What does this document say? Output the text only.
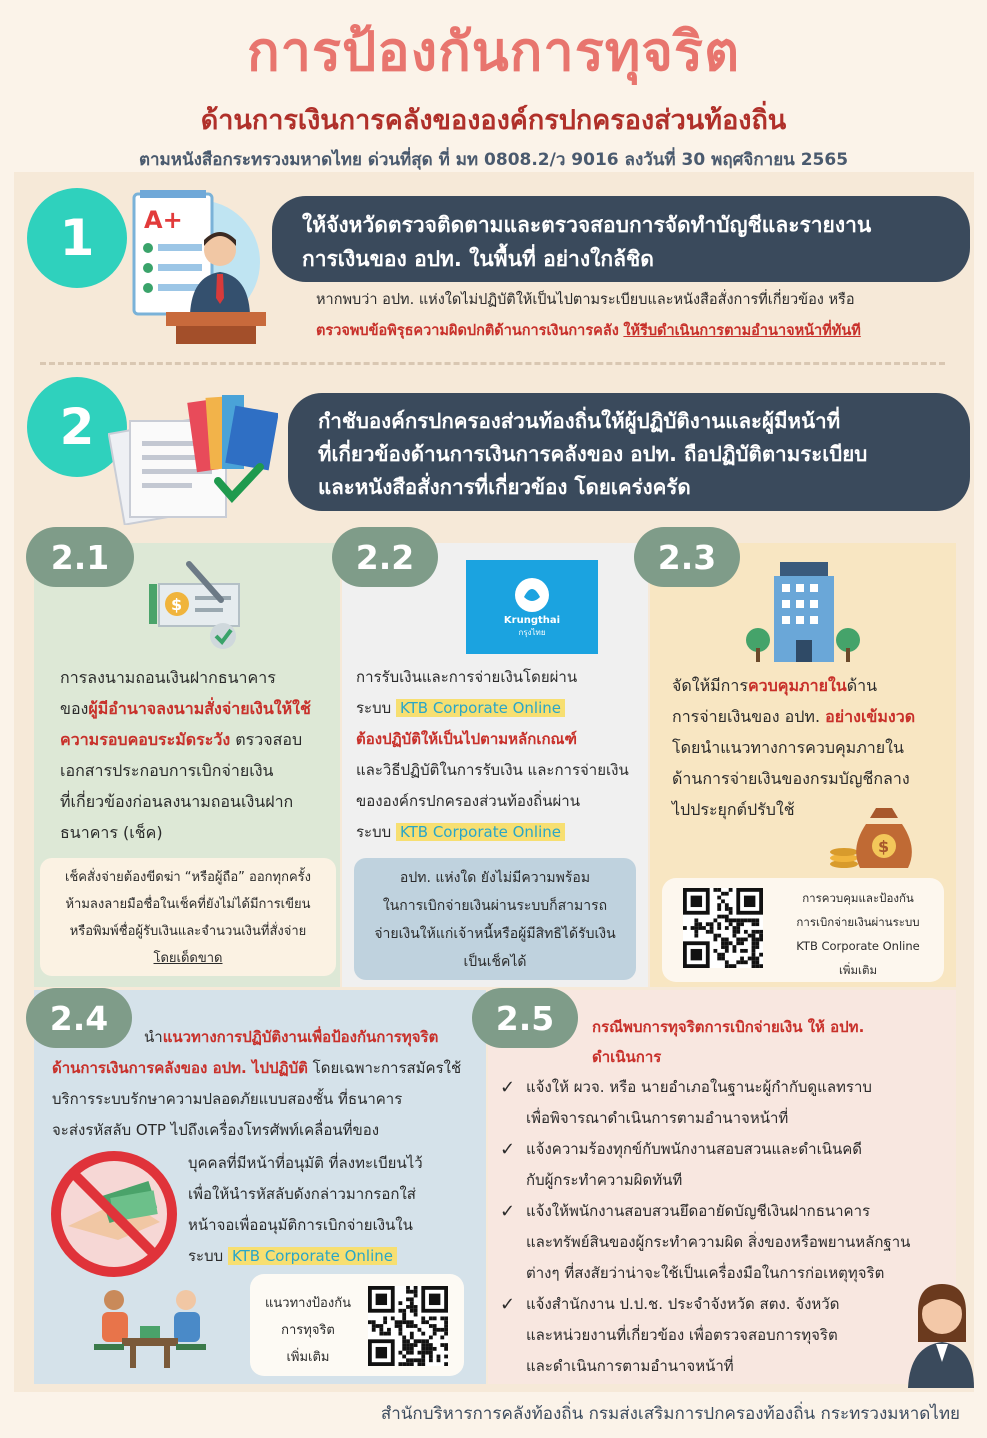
การป้องกันการทุจริต
ด้านการเงินการคลังขององค์กรปกครองส่วนท้องถิ่น
ตามหนังสือกระทรวงมหาดไทย ด่วนที่สุด ที่ มท 0808.2/ว 9016 ลงวันที่ 30 พฤศจิกายน 2565
1	A+	ให้จังหวัดตรวจติดตามและตรวจสอบการจัดทำบัญชีและรายงาน
การเงินของ อปท. ในพื้นที่ อย่างใกล้ชิด
หากพบว่า อปท. แห่งใดไม่ปฏิบัติให้เป็นไปตามระเบียบและหนังสือสั่งการที่เกี่ยวข้อง หรือ
ตรวจพบข้อพิรุธความผิดปกติด้านการเงินการคลัง ให้รีบดำเนินการตามอำนาจหน้าที่ทันที
2	กำชับองค์กรปกครองส่วนท้องถิ่นให้ผู้ปฏิบัติงานและผู้มีหน้าที่
ที่เกี่ยวข้องด้านการเงินการคลังของ อปท. ถือปฏิบัติตามระเบียบ
และหนังสือสั่งการที่เกี่ยวข้อง โดยเคร่งครัด
2.1
$
การลงนามถอนเงินฝากธนาคาร
ของผู้มีอำนาจลงนามสั่งจ่ายเงินให้ใช้
ความรอบคอบระมัดระวัง ตรวจสอบ
เอกสารประกอบการเบิกจ่ายเงิน
ที่เกี่ยวข้องก่อนลงนามถอนเงินฝาก
ธนาคาร (เช็ค)
เช็คสั่งจ่ายต้องขีดฆ่า “หรือผู้ถือ” ออกทุกครั้ง
ห้ามลงลายมือชื่อในเช็คที่ยังไม่ได้มีการเขียน
หรือพิมพ์ชื่อผู้รับเงินและจำนวนเงินที่สั่งจ่าย
โดยเด็ดขาด
2.2
Krungthai
กรุงไทย
การรับเงินและการจ่ายเงินโดยผ่าน
ระบบ KTB Corporate Online
ต้องปฏิบัติให้เป็นไปตามหลักเกณฑ์
และวิธีปฏิบัติในการรับเงิน และการจ่ายเงิน
ขององค์กรปกครองส่วนท้องถิ่นผ่าน
ระบบ KTB Corporate Online
อปท. แห่งใด ยังไม่มีความพร้อม
ในการเบิกจ่ายเงินผ่านระบบก็สามารถ
จ่ายเงินให้แก่เจ้าหนี้หรือผู้มีสิทธิได้รับเงิน
เป็นเช็คได้
2.3
จัดให้มีการควบคุมภายในด้าน
การจ่ายเงินของ อปท. อย่างเข้มงวด
โดยนำแนวทางการควบคุมภายใน
ด้านการจ่ายเงินของกรมบัญชีกลาง
ไปประยุกต์ปรับใช้
$
การควบคุมและป้องกัน
การเบิกจ่ายเงินผ่านระบบ
KTB Corporate Online
เพิ่มเติม
2.4	นำแนวทางการปฏิบัติงานเพื่อป้องกันการทุจริต
ด้านการเงินการคลังของ อปท. ไปปฏิบัติ โดยเฉพาะการสมัครใช้
บริการระบบรักษาความปลอดภัยแบบสองชั้น ที่ธนาคาร
จะส่งรหัสลับ OTP ไปถึงเครื่องโทรศัพท์เคลื่อนที่ของ
บุคคลที่มีหน้าที่อนุมัติ ที่ลงทะเบียนไว้
เพื่อให้นำรหัสลับดังกล่าวมากรอกใส่
หน้าจอเพื่ออนุมัติการเบิกจ่ายเงินใน
ระบบ KTB Corporate Online
แนวทางป้องกัน
การทุจริต
เพิ่มเติม
2.5	กรณีพบการทุจริตการเบิกจ่ายเงิน ให้ อปท.
ดำเนินการ
✓ แจ้งให้ ผวจ. หรือ นายอำเภอในฐานะผู้กำกับดูแลทราบ
เพื่อพิจารณาดำเนินการตามอำนาจหน้าที่
✓ แจ้งความร้องทุกข์กับพนักงานสอบสวนและดำเนินคดี
กับผู้กระทำความผิดทันที
✓ แจ้งให้พนักงานสอบสวนยึดอายัดบัญชีเงินฝากธนาคาร
และทรัพย์สินของผู้กระทำความผิด สิ่งของหรือพยานหลักฐาน
ต่างๆ ที่สงสัยว่าน่าจะใช้เป็นเครื่องมือในการก่อเหตุทุจริต
✓ แจ้งสำนักงาน ป.ป.ช. ประจำจังหวัด สตง. จังหวัด
และหน่วยงานที่เกี่ยวข้อง เพื่อตรวจสอบการทุจริต
และดำเนินการตามอำนาจหน้าที่
สำนักบริหารการคลังท้องถิ่น กรมส่งเสริมการปกครองท้องถิ่น กระทรวงมหาดไทย
